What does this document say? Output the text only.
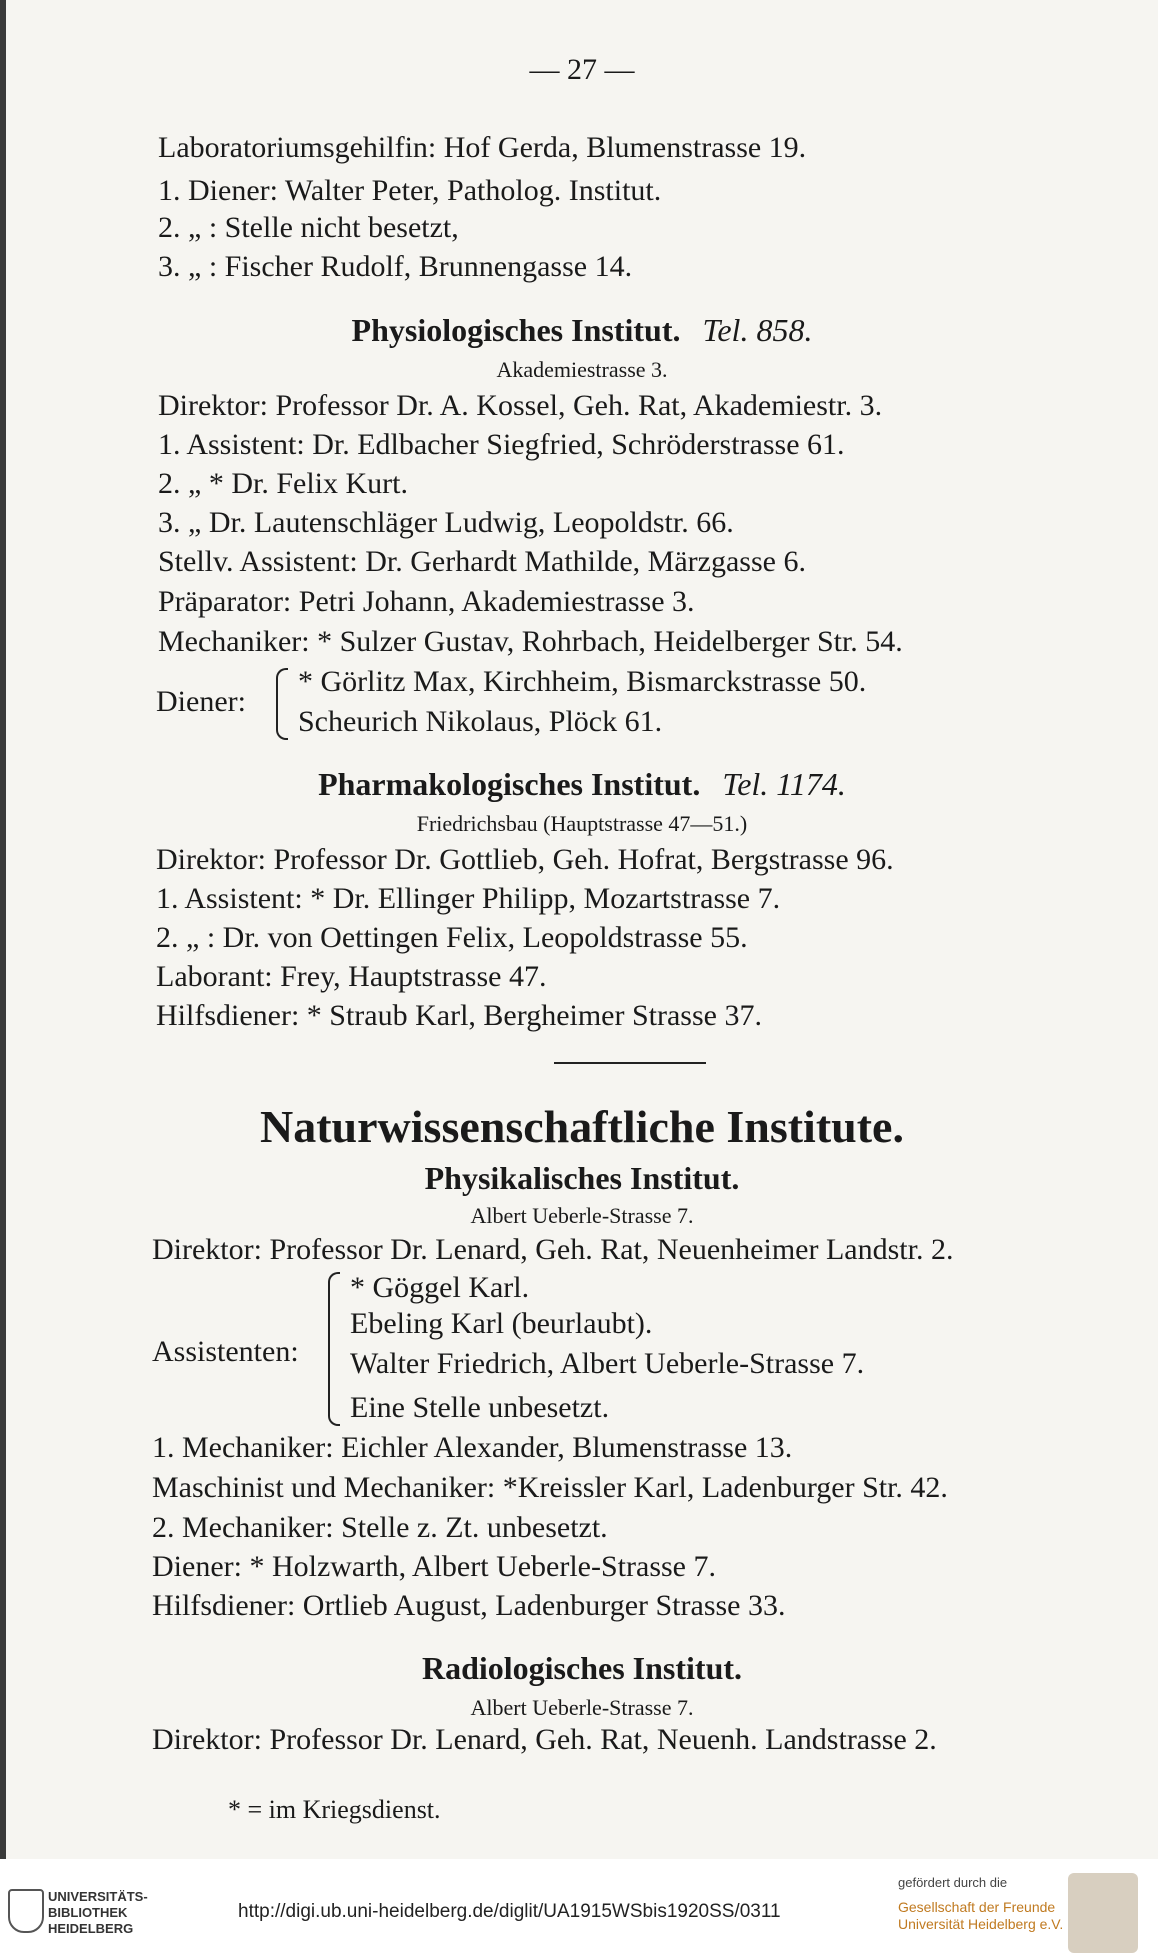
— 27 —
Laboratoriumsgehilfin: Hof Gerda, Blumenstrasse 19.
1. Diener: Walter Peter, Patholog. Institut.
2. „ : Stelle nicht besetzt,
3. „ : Fischer Rudolf, Brunnengasse 14.
Physiologisches Institut. Tel. 858.
Akademiestrasse 3.
Direktor: Professor Dr. A. Kossel, Geh. Rat, Akademiestr. 3.
1. Assistent: Dr. Edlbacher Siegfried, Schröderstrasse 61.
2. „ * Dr. Felix Kurt.
3. „ Dr. Lautenschläger Ludwig, Leopoldstr. 66.
Stellv. Assistent: Dr. Gerhardt Mathilde, Märzgasse 6.
Präparator: Petri Johann, Akademiestrasse 3.
Mechaniker: * Sulzer Gustav, Rohrbach, Heidelberger Str. 54.
Diener:
* Görlitz Max, Kirchheim, Bismarckstrasse 50.
Scheurich Nikolaus, Plöck 61.
Pharmakologisches Institut. Tel. 1174.
Friedrichsbau (Hauptstrasse 47—51.)
Direktor: Professor Dr. Gottlieb, Geh. Hofrat, Bergstrasse 96.
1. Assistent: * Dr. Ellinger Philipp, Mozartstrasse 7.
2. „ : Dr. von Oettingen Felix, Leopoldstrasse 55.
Laborant: Frey, Hauptstrasse 47.
Hilfsdiener: * Straub Karl, Bergheimer Strasse 37.
Naturwissenschaftliche Institute.
Physikalisches Institut.
Albert Ueberle-Strasse 7.
Direktor: Professor Dr. Lenard, Geh. Rat, Neuenheimer Landstr. 2.
Assistenten:
* Göggel Karl.
Ebeling Karl (beurlaubt).
Walter Friedrich, Albert Ueberle-Strasse 7.
Eine Stelle unbesetzt.
1. Mechaniker: Eichler Alexander, Blumenstrasse 13.
Maschinist und Mechaniker: *Kreissler Karl, Ladenburger Str. 42.
2. Mechaniker: Stelle z. Zt. unbesetzt.
Diener: * Holzwarth, Albert Ueberle-Strasse 7.
Hilfsdiener: Ortlieb August, Ladenburger Strasse 33.
Radiologisches Institut.
Albert Ueberle-Strasse 7.
Direktor: Professor Dr. Lenard, Geh. Rat, Neuenh. Landstrasse 2.
* = im Kriegsdienst.
UNIVERSITÄTS-
BIBLIOTHEK
HEIDELBERG
http://digi.ub.uni-heidelberg.de/diglit/UA1915WSbis1920SS/0311
gefördert durch die
Gesellschaft der Freunde
Universität Heidelberg e.V.
